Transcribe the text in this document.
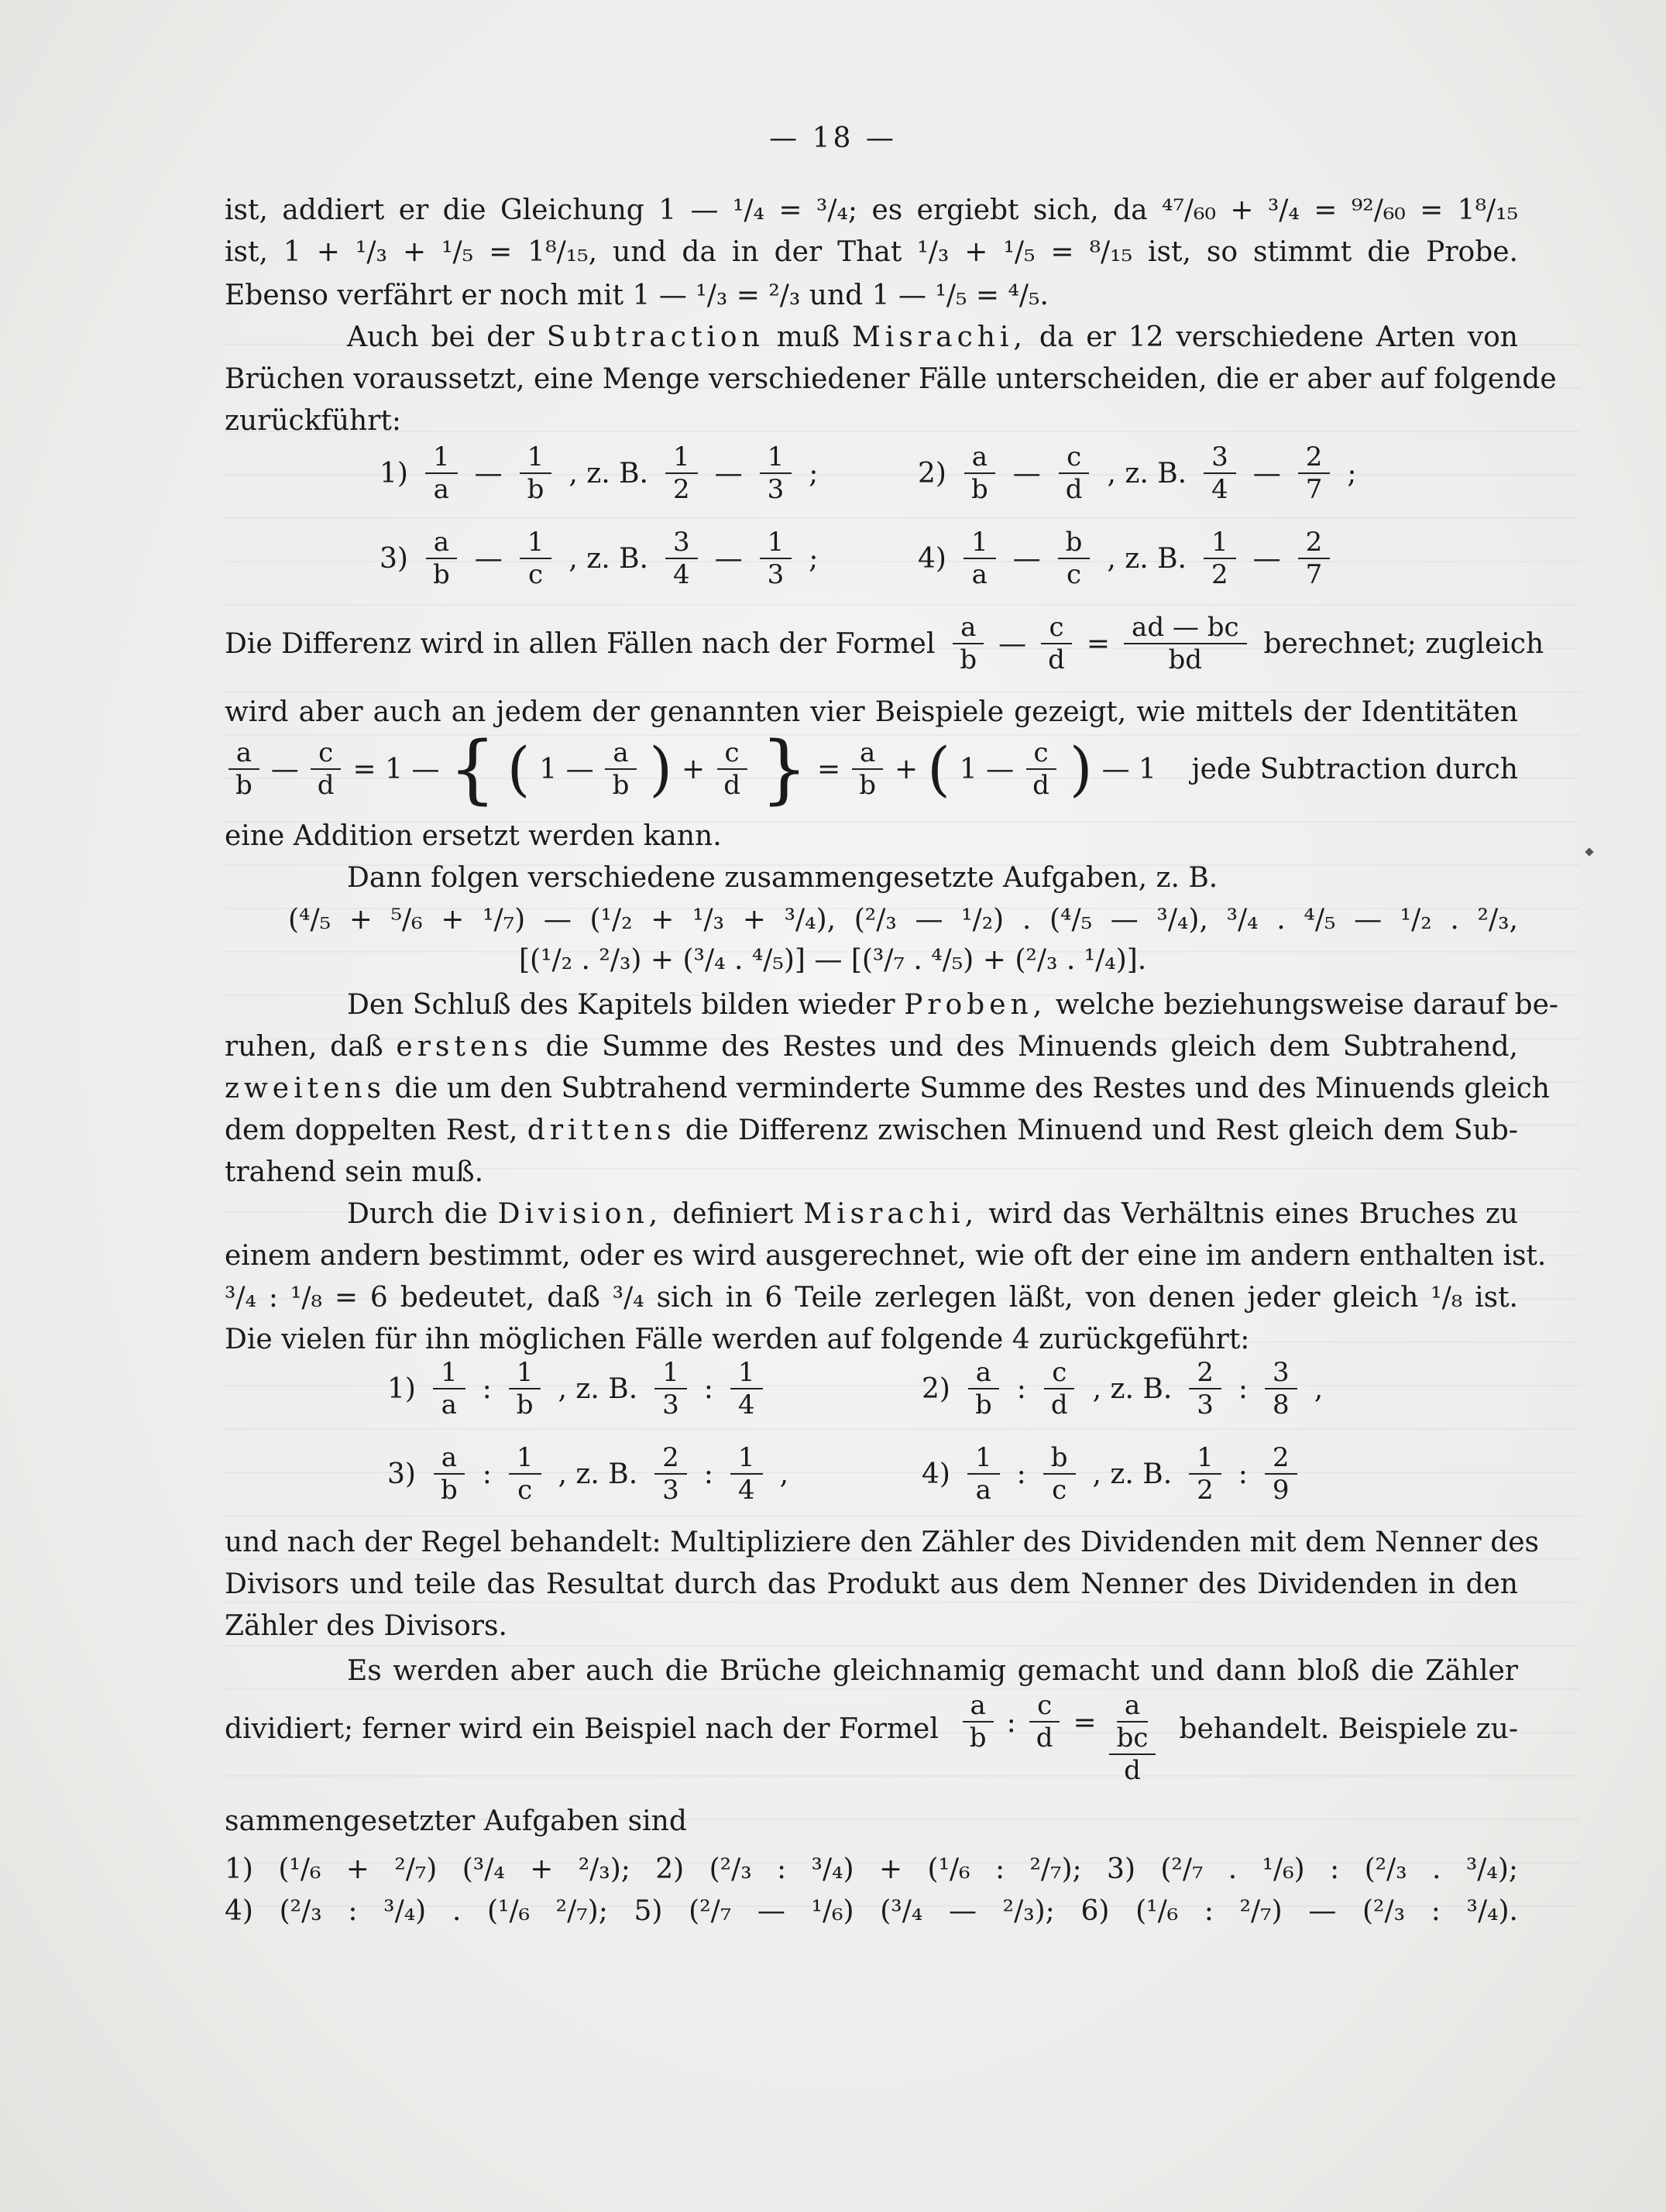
— 18 —
ist, addiert er die Gleichung 1 — ¹/₄ = ³/₄; es ergiebt sich, da ⁴⁷/₆₀ + ³/₄ = ⁹²/₆₀ = 1⁸/₁₅
ist, 1 + ¹/₃ + ¹/₅ = 1⁸/₁₅, und da in der That ¹/₃ + ¹/₅ = ⁸/₁₅ ist, so stimmt die Probe.
Ebenso verfährt er noch mit 1 — ¹/₃ = ²/₃ und 1 — ¹/₅ = ⁴/₅.
Auch bei der Subtraction muß Misrachi, da er 12 verschiedene Arten von
Brüchen voraussetzt, eine Menge verschiedener Fälle unterscheiden, die er aber auf folgende
zurückführt:
$1) \frac{1}{a}$ — $\frac{1}{b}$ , z. B. $\frac{1}{2}$ — $\frac{1}{3}$ ;	$2) \frac{a}{b}$ — $\frac{c}{d}$ , z. B. $\frac{3}{4}$ — $\frac{2}{7}$ ;
$3) \frac{a}{b}$ — $\frac{1}{c}$ , z. B. $\frac{3}{4}$ — $\frac{1}{3}$ ;	$4) \frac{1}{a}$ — $\frac{b}{c}$ , z. B. $\frac{1}{2}$ — $\frac{2}{7}$
Die Differenz wird in allen Fällen nach der Formel $\frac{a}{b}$ — $\frac{c}{d} = \frac{ad — bc}{bd}$ berechnet; zugleich
wird aber auch an jedem der genannten vier Beispiele gezeigt, wie mittels der Identitäten
$\frac{a}{b}$ — $\frac{c}{d} = 1$ — { ( 1 — $\frac{a}{b}$ ) + $\frac{c}{d}$ } = $\frac{a}{b}$ + ( 1 — $\frac{c}{d}$ ) — 1 jede Subtraction durch
eine Addition ersetzt werden kann.
Dann folgen verschiedene zusammengesetzte Aufgaben, z. B.
(⁴/₅ + ⁵/₆ + ¹/₇) — (¹/₂ + ¹/₃ + ³/₄), (²/₃ — ¹/₂) . (⁴/₅ — ³/₄), ³/₄ . ⁴/₅ — ¹/₂ . ²/₃,
[(¹/₂ . ²/₃) + (³/₄ . ⁴/₅)] — [(³/₇ . ⁴/₅) + (²/₃ . ¹/₄)].
Den Schluß des Kapitels bilden wieder Proben, welche beziehungsweise darauf be-
ruhen, daß erstens die Summe des Restes und des Minuends gleich dem Subtrahend,
zweitens die um den Subtrahend verminderte Summe des Restes und des Minuends gleich
dem doppelten Rest, drittens die Differenz zwischen Minuend und Rest gleich dem Sub-
trahend sein muß.
Durch die Division, definiert Misrachi, wird das Verhältnis eines Bruches zu
einem andern bestimmt, oder es wird ausgerechnet, wie oft der eine im andern enthalten ist.
³/₄ : ¹/₈ = 6 bedeutet, daß ³/₄ sich in 6 Teile zerlegen läßt, von denen jeder gleich ¹/₈ ist.
Die vielen für ihn möglichen Fälle werden auf folgende 4 zurückgeführt:
$1) \frac{1}{a}$ : $\frac{1}{b}$ , z. B. $\frac{1}{3}$ : $\frac{1}{4}$	$2) \frac{a}{b}$ : $\frac{c}{d}$ , z. B. $\frac{2}{3}$ : $\frac{3}{8}$ ,
$3) \frac{a}{b}$ : $\frac{1}{c}$ , z. B. $\frac{2}{3}$ : $\frac{1}{4}$ ,	$4) \frac{1}{a}$ : $\frac{b}{c}$ , z. B. $\frac{1}{2}$ : $\frac{2}{9}$
und nach der Regel behandelt: Multipliziere den Zähler des Dividenden mit dem Nenner des
Divisors und teile das Resultat durch das Produkt aus dem Nenner des Dividenden in den
Zähler des Divisors.
Es werden aber auch die Brüche gleichnamig gemacht und dann bloß die Zähler
dividiert; ferner wird ein Beispiel nach der Formel $\frac{a}{b}$ : $\frac{c}{d} = \frac{a}{\frac{bc}{d}}$ behandelt. Beispiele zu-
sammengesetzter Aufgaben sind
1) (¹/₆ + ²/₇) (³/₄ + ²/₃); 2) (²/₃ : ³/₄) + (¹/₆ : ²/₇); 3) (²/₇ . ¹/₆) : (²/₃ . ³/₄);
4) (²/₃ : ³/₄) . (¹/₆ ²/₇); 5) (²/₇ — ¹/₆) (³/₄ — ²/₃); 6) (¹/₆ : ²/₇) — (²/₃ : ³/₄).
